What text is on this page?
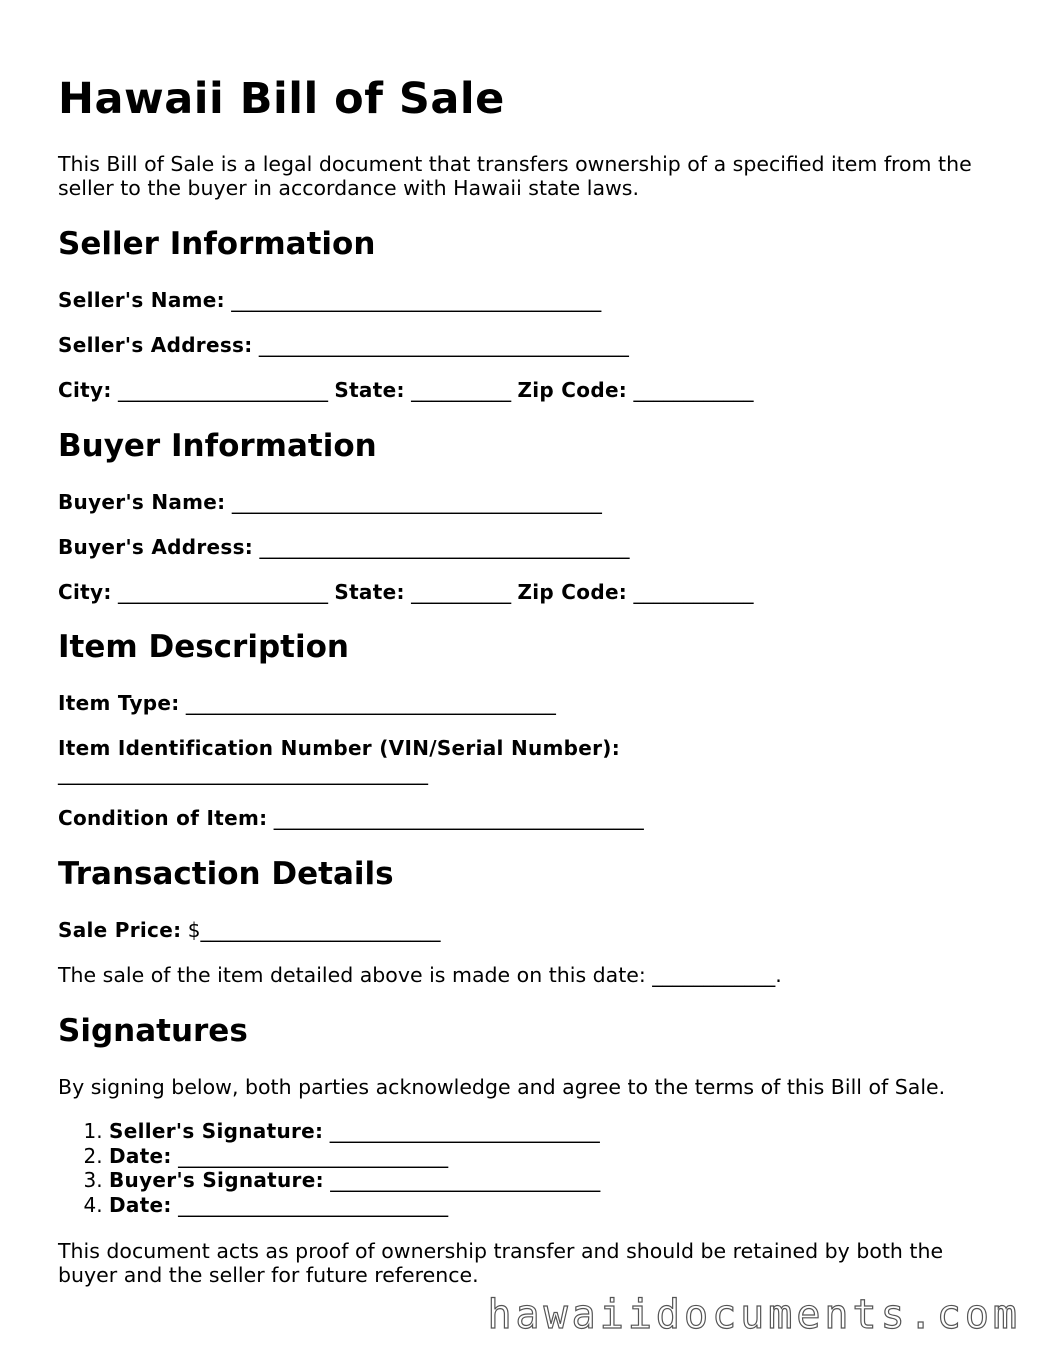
Hawaii Bill of Sale

This Bill of Sale is a legal document that transfers ownership of a specified item from the seller to the buyer in accordance with Hawaii state laws.

Seller Information

Seller's Name: _____________________________________

Seller's Address: _____________________________________

City: _____________________ State: __________ Zip Code: ____________

Buyer Information

Buyer's Name: _____________________________________

Buyer's Address: _____________________________________

City: _____________________ State: __________ Zip Code: ____________

Item Description

Item Type: _____________________________________

Item Identification Number (VIN/Serial Number):

_____________________________________

Condition of Item: _____________________________________

Transaction Details

Sale Price: $________________________

The sale of the item detailed above is made on this date: ____________.

Signatures

By signing below, both parties acknowledge and agree to the terms of this Bill of Sale.

1. Seller's Signature: ___________________________
2. Date: ___________________________
3. Buyer's Signature: ___________________________
4. Date: ___________________________

This document acts as proof of ownership transfer and should be retained by both the buyer and the seller for future reference.

hawaiidocuments.com
